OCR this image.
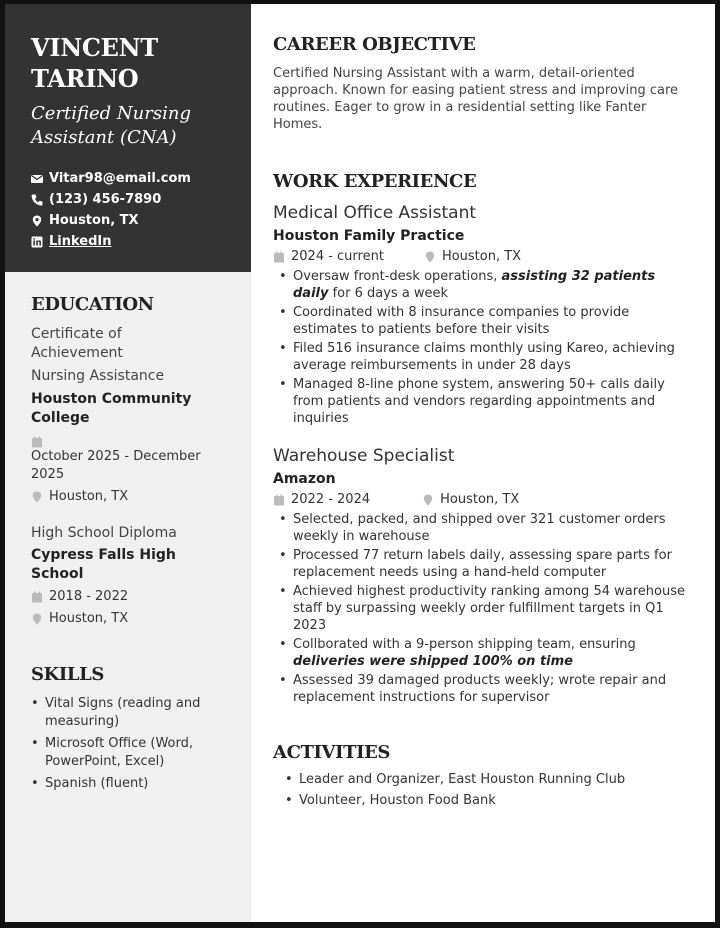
VINCENT
TARINO
Certified Nursing
Assistant (CNA)
Vitar98@email.com
(123) 456-7890
Houston, TX
LinkedIn
EDUCATION
Certificate of
Achievement
Nursing Assistance
Houston Community
College
October 2025 - December
2025
Houston, TX
High School Diploma
Cypress Falls High
School
2018 - 2022
Houston, TX
SKILLS
• Vital Signs (reading and
measuring)
• Microsoft Office (Word,
PowerPoint, Excel)
• Spanish (fluent)
CAREER OBJECTIVE
Certified Nursing Assistant with a warm, detail-oriented approach. Known for easing patient stress and improving care routines. Eager to grow in a residential setting like Fanter Homes.
WORK EXPERIENCE
Medical Office Assistant
Houston Family Practice
2024 - current	Houston, TX
• Oversaw front-desk operations, assisting 32 patients daily for 6 days a week
• Coordinated with 8 insurance companies to provide estimates to patients before their visits
• Filed 516 insurance claims monthly using Kareo, achieving average reimbursements in under 28 days
• Managed 8-line phone system, answering 50+ calls daily from patients and vendors regarding appointments and inquiries
Warehouse Specialist
Amazon
2022 - 2024	Houston, TX
• Selected, packed, and shipped over 321 customer orders weekly in warehouse
• Processed 77 return labels daily, assessing spare parts for replacement needs using a hand-held computer
• Achieved highest productivity ranking among 54 warehouse staff by surpassing weekly order fulfillment targets in Q1 2023
• Collborated with a 9-person shipping team, ensuring deliveries were shipped 100% on time
• Assessed 39 damaged products weekly; wrote repair and replacement instructions for supervisor
ACTIVITIES
• Leader and Organizer, East Houston Running Club
• Volunteer, Houston Food Bank
